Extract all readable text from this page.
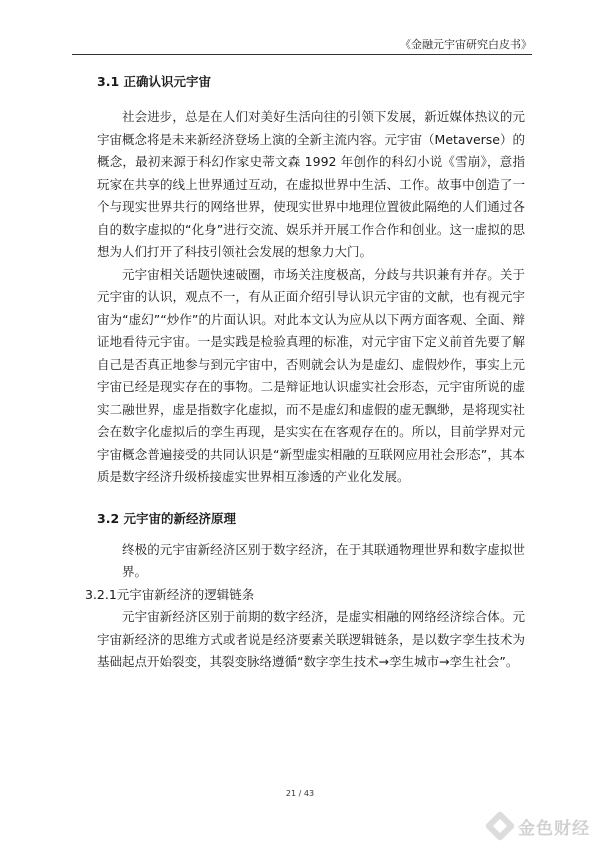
《金融元宇宙研究白皮书》

3.1 正确认识元宇宙

社会进步，总是在人们对美好生活向往的引领下发展，新近媒体热议的元宇宙概念将是未来新经济登场上演的全新主流内容。元宇宙（Metaverse）的概念，最初来源于科幻作家史蒂文森 1992 年创作的科幻小说《雪崩》，意指玩家在共享的线上世界通过互动，在虚拟世界中生活、工作。故事中创造了一个与现实世界共行的网络世界，使现实世界中地理位置彼此隔绝的人们通过各自的数字虚拟的“化身”进行交流、娱乐并开展工作合作和创业。这一虚拟的思想为人们打开了科技引领社会发展的想象力大门。

元宇宙相关话题快速破圈，市场关注度极高，分歧与共识兼有并存。关于元宇宙的认识，观点不一，有从正面介绍引导认识元宇宙的文献，也有视元宇宙为“虚幻”“炒作”的片面认识。对此本文认为应从以下两方面客观、全面、辩证地看待元宇宙。一是实践是检验真理的标准，对元宇宙下定义前首先要了解自己是否真正地参与到元宇宙中，否则就会认为是虚幻、虚假炒作，事实上元宇宙已经是现实存在的事物。二是辩证地认识虚实社会形态，元宇宙所说的虚实二融世界，虚是指数字化虚拟，而不是虚幻和虚假的虚无飘缈，是将现实社会在数字化虚拟后的孪生再现，是实实在在客观存在的。所以，目前学界对元宇宙概念普遍接受的共同认识是“新型虚实相融的互联网应用社会形态”，其本质是数字经济升级桥接虚实世界相互渗透的产业化发展。

3.2 元宇宙的新经济原理

终极的元宇宙新经济区别于数字经济，在于其联通物理世界和数字虚拟世界。

3.2.1元宇宙新经济的逻辑链条

元宇宙新经济区别于前期的数字经济，是虚实相融的网络经济综合体。元宇宙新经济的思维方式或者说是经济要素关联逻辑链条，是以数字孪生技术为基础起点开始裂变，其裂变脉络遵循“数字孪生技术→孪生城市→孪生社会”。

21 / 43
金色财经
